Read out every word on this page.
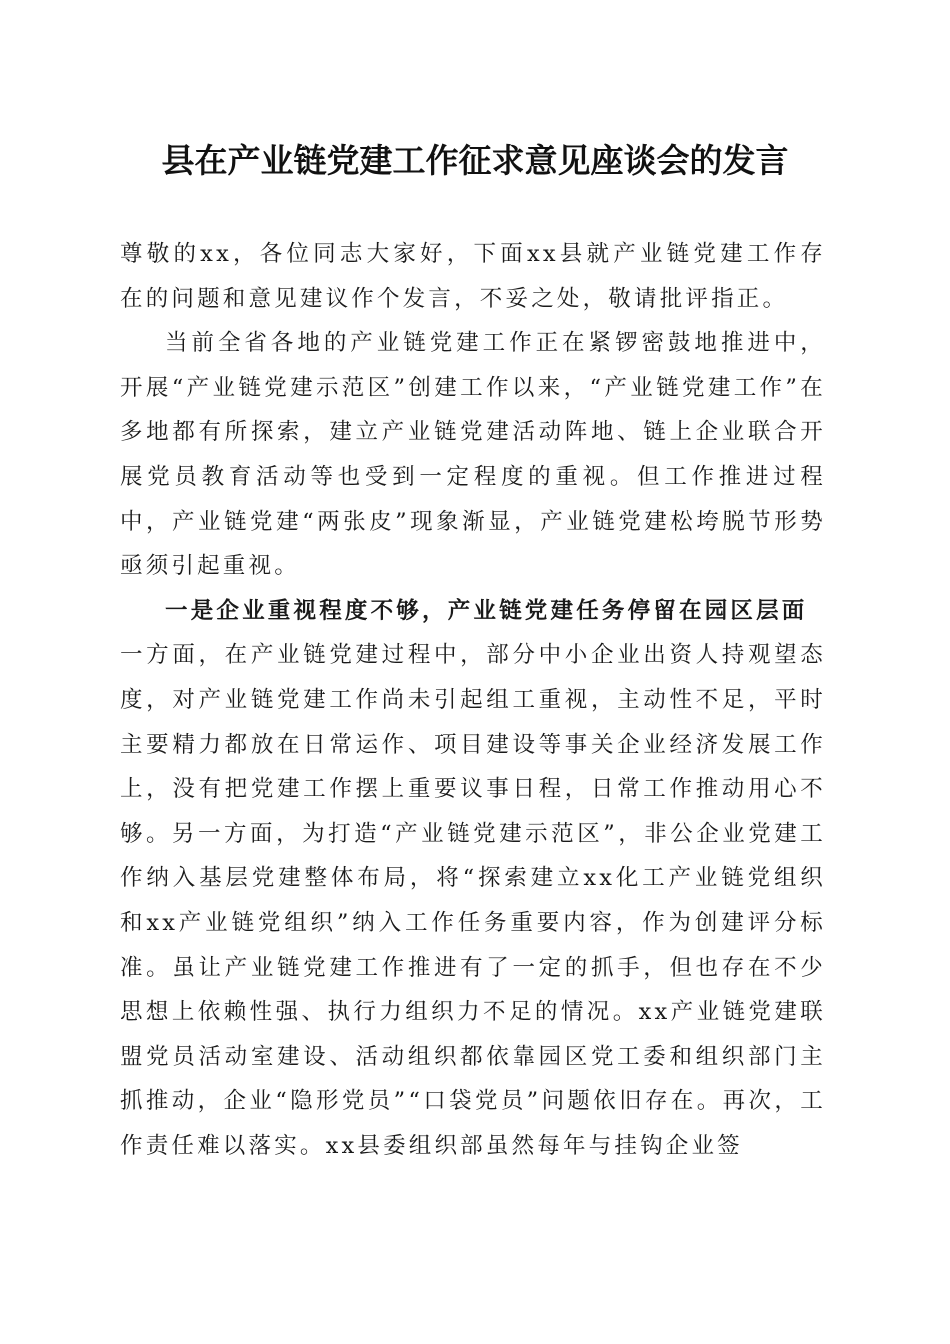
县在产业链党建工作征求意见座谈会的发言

尊敬的xx，各位同志大家好，下面xx县就产业链党建工作存在的问题和意见建议作个发言，不妥之处，敬请批评指正。

当前全省各地的产业链党建工作正在紧锣密鼓地推进中，开展“产业链党建示范区”创建工作以来，“产业链党建工作”在多地都有所探索，建立产业链党建活动阵地、链上企业联合开展党员教育活动等也受到一定程度的重视。但工作推进过程中，产业链党建“两张皮”现象渐显，产业链党建松垮脱节形势亟须引起重视。

一是企业重视程度不够，产业链党建任务停留在园区层面

一方面，在产业链党建过程中，部分中小企业出资人持观望态度，对产业链党建工作尚未引起组工重视，主动性不足，平时主要精力都放在日常运作、项目建设等事关企业经济发展工作上，没有把党建工作摆上重要议事日程，日常工作推动用心不够。另一方面，为打造“产业链党建示范区”，非公企业党建工作纳入基层党建整体布局，将“探索建立xx化工产业链党组织和xx产业链党组织”纳入工作任务重要内容，作为创建评分标准。虽让产业链党建工作推进有了一定的抓手，但也存在不少思想上依赖性强、执行力组织力不足的情况。xx产业链党建联盟党员活动室建设、活动组织都依靠园区党工委和组织部门主抓推动，企业“隐形党员”“口袋党员”问题依旧存在。再次，工作责任难以落实。xx县委组织部虽然每年与挂钩企业签
